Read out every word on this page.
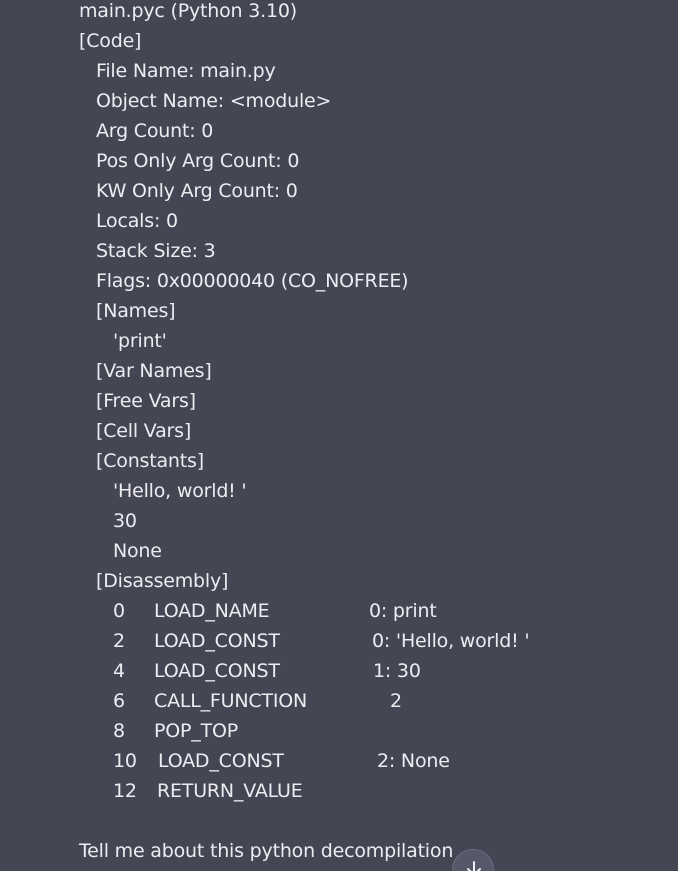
main.pyc (Python 3.10)
[Code]
File Name: main.py
Object Name: <module>
Arg Count: 0
Pos Only Arg Count: 0
KW Only Arg Count: 0
Locals: 0
Stack Size: 3
Flags: 0x00000040 (CO_NOFREE)
[Names]
'print'
[Var Names]
[Free Vars]
[Cell Vars]
[Constants]
'Hello, world! '
30
None
[Disassembly]
0 LOAD_NAME	0: print
2 LOAD_CONST	0: 'Hello, world! '
4 LOAD_CONST	1: 30
6 CALL_FUNCTION	2
8 POP_TOP
10 LOAD_CONST	2: None
12 RETURN_VALUE
Tell me about this python decompilation
